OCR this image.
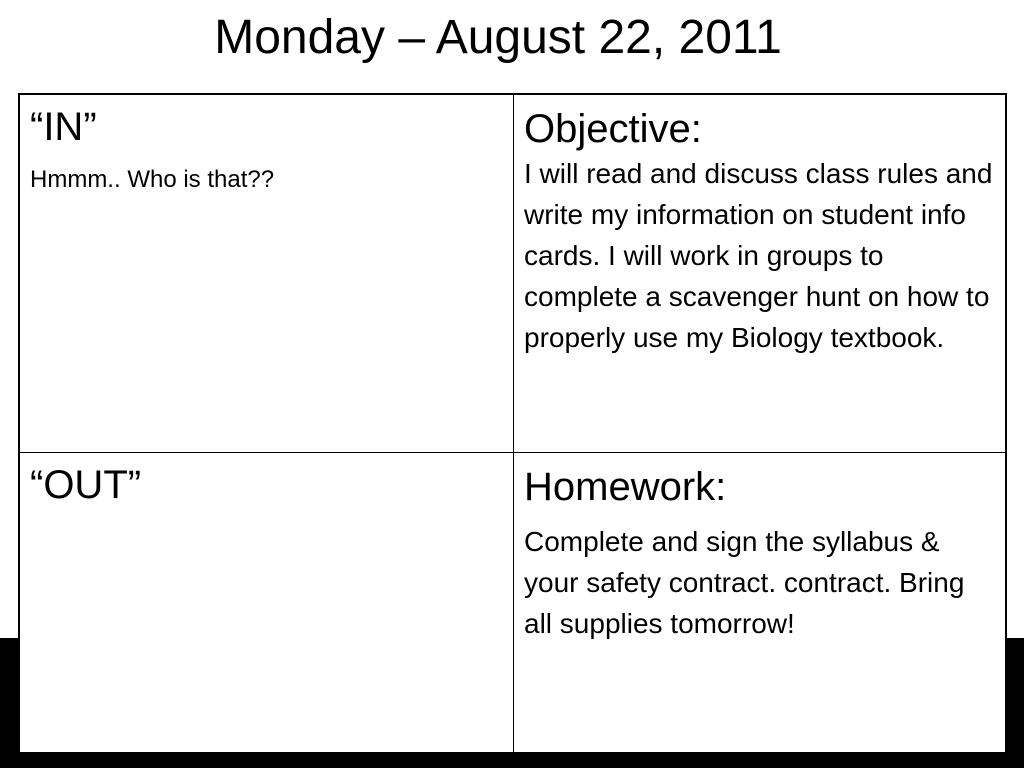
Monday – August 22, 2011
“IN”
Hmmm.. Who is that??
Objective:
I will read and discuss class rules and write my information on student info cards. I will work in groups to complete a scavenger hunt on how to properly use my Biology textbook.
“OUT”	Homework:
Complete and sign the syllabus & your safety contract. contract. Bring all supplies tomorrow!
